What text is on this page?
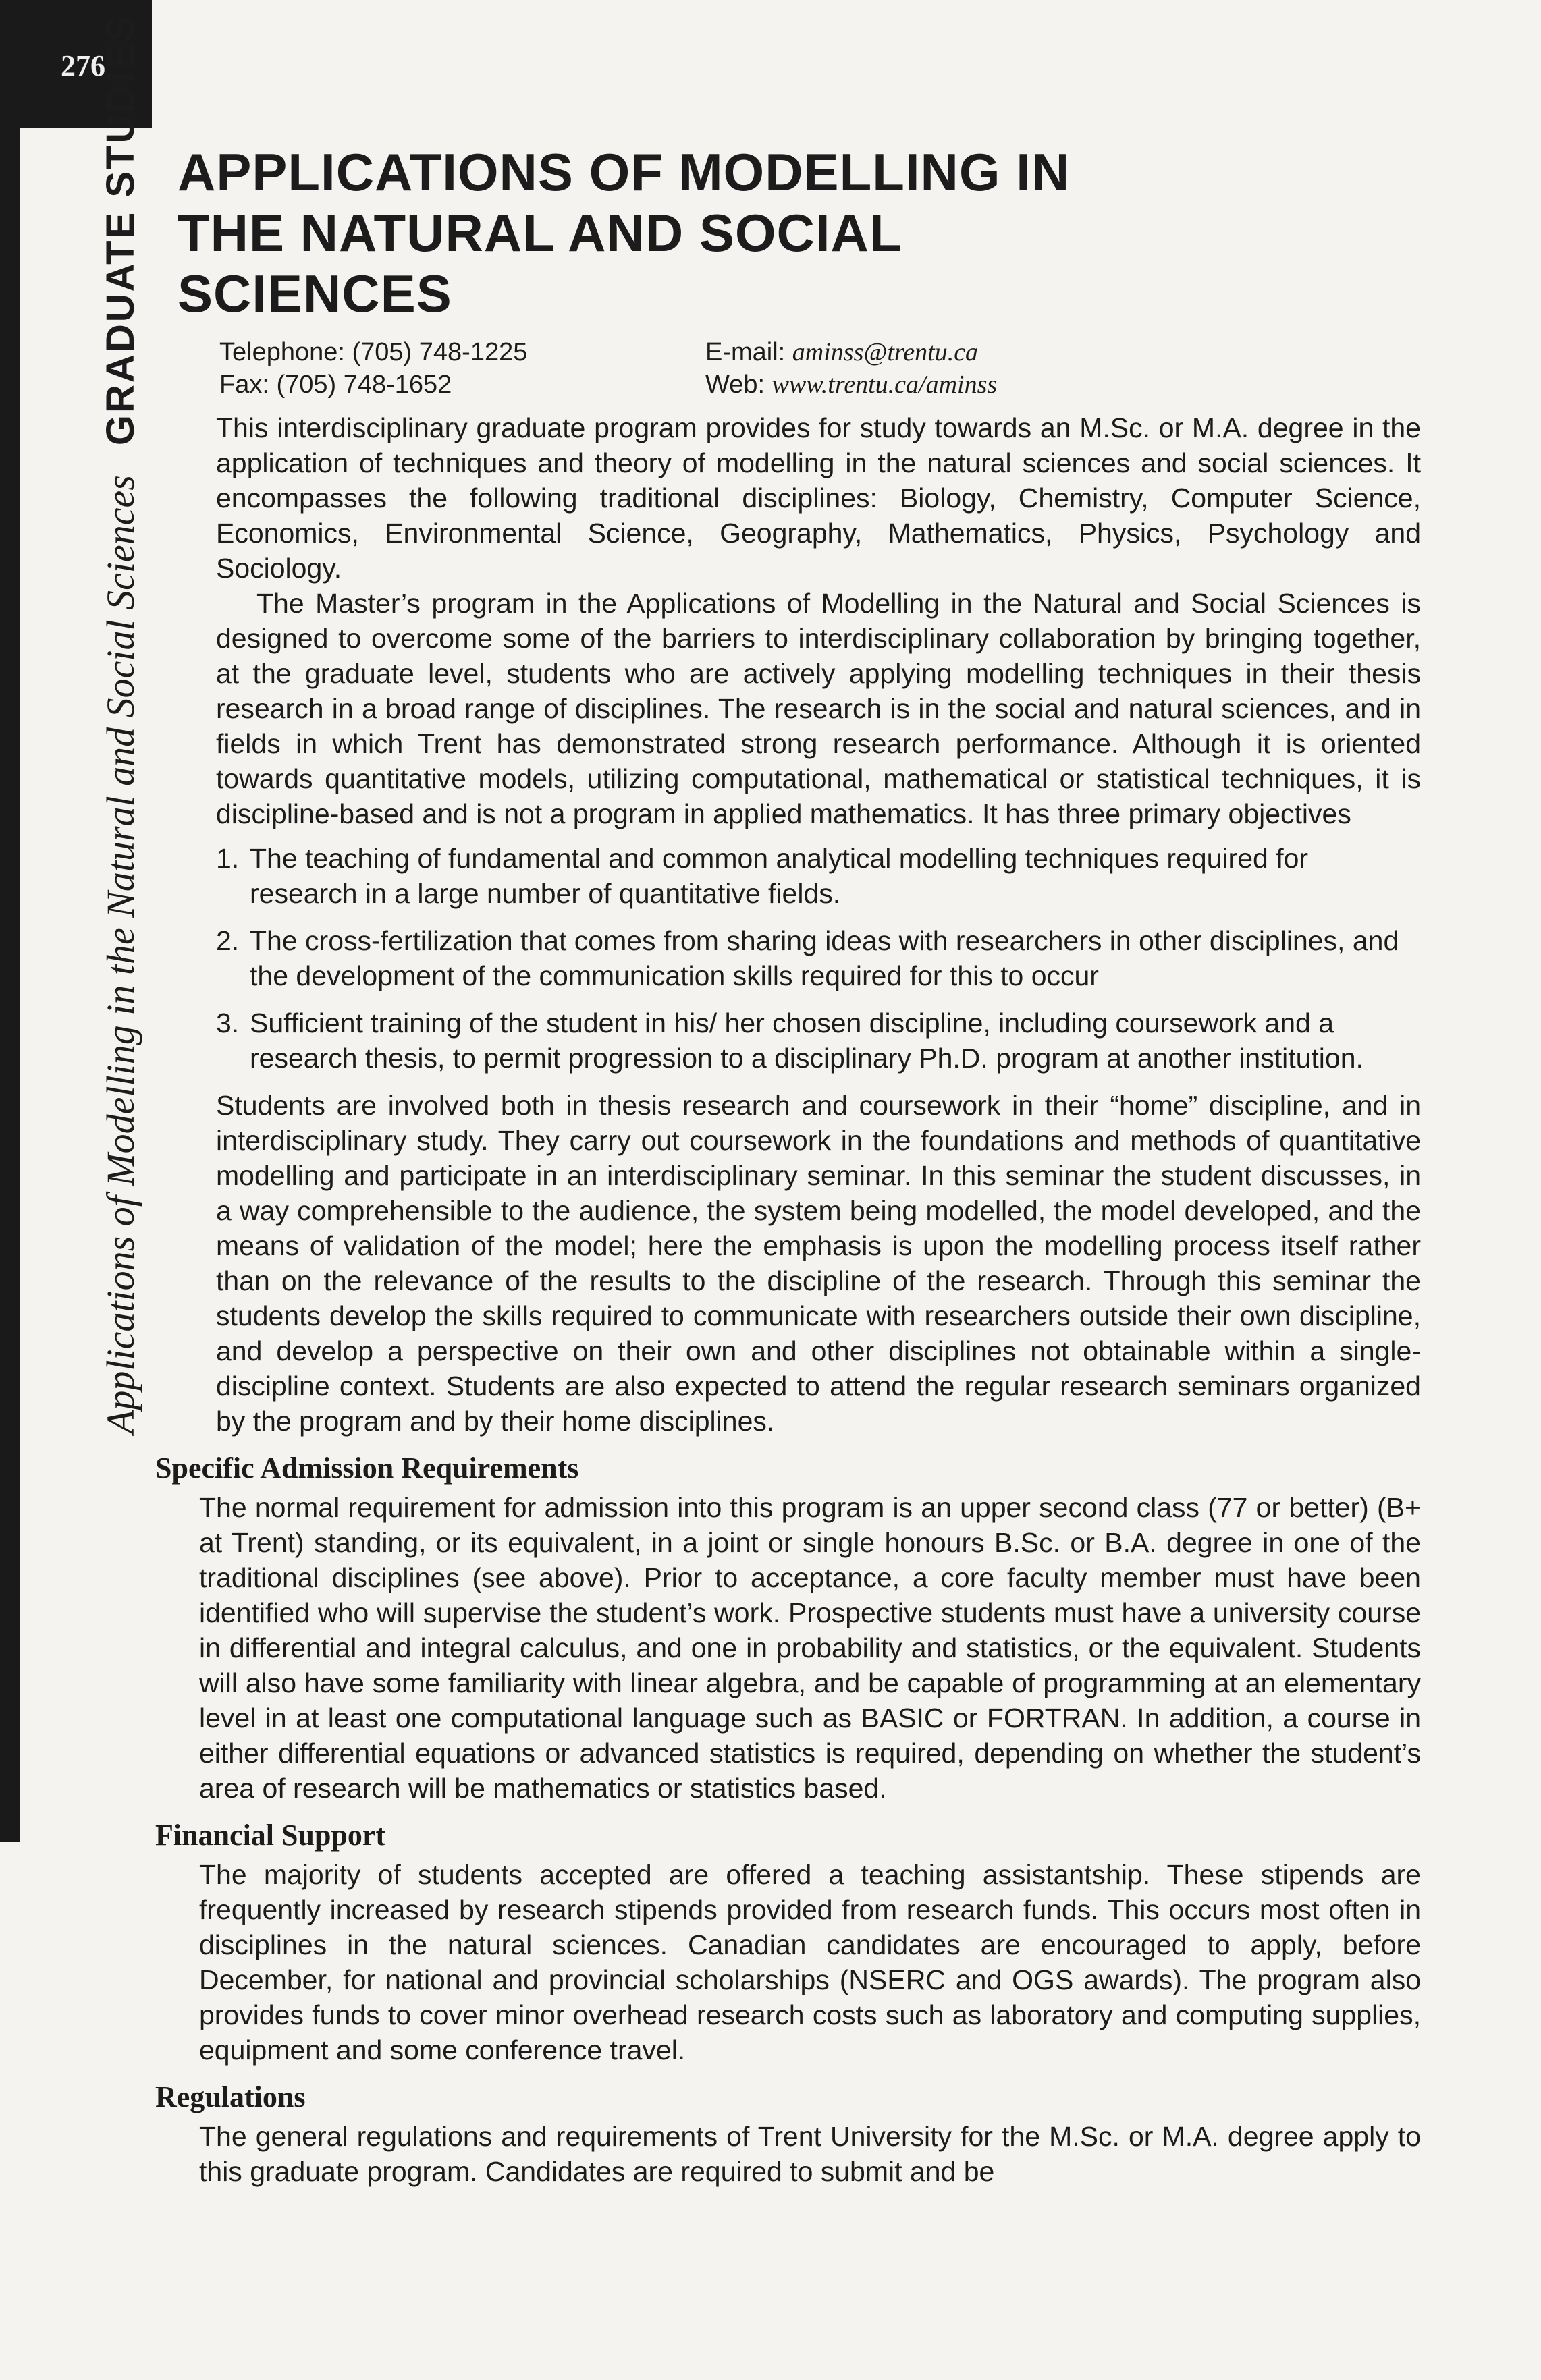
276
Applications of Modelling in the Natural and Social Sciences GRADUATE STUDIES APPLICATIONS OF MODELLING IN THE NATURAL AND SOCIAL SCIENCES
Telephone: (705) 748-1225	E-mail: aminss@trentu.ca
Fax: (705) 748-1652	Web: www.trentu.ca/aminss

This interdisciplinary graduate program provides for study towards an M.Sc. or M.A. degree in the application of techniques and theory of modelling in the natural sciences and social sciences. It encompasses the following traditional disciplines: Biology, Chemistry, Computer Science, Economics, Environmental Science, Geography, Mathematics, Physics, Psychology and Sociology.

The Master’s program in the Applications of Modelling in the Natural and Social Sciences is designed to overcome some of the barriers to interdisciplinary collaboration by bringing together, at the graduate level, students who are actively applying modelling techniques in their thesis research in a broad range of disciplines. The research is in the social and natural sciences, and in fields in which Trent has demonstrated strong research performance. Although it is oriented towards quantitative models, utilizing computational, mathematical or statistical techniques, it is discipline-based and is not a program in applied mathematics. It has three primary objectives

1. The teaching of fundamental and common analytical modelling techniques required for research in a large number of quantitative fields.
2. The cross-fertilization that comes from sharing ideas with researchers in other disciplines, and the development of the communication skills required for this to occur
3. Sufficient training of the student in his/ her chosen discipline, including coursework and a research thesis, to permit progression to a disciplinary Ph.D. program at another institution.

Students are involved both in thesis research and coursework in their “home” discipline, and in interdisciplinary study. They carry out coursework in the foundations and methods of quantitative modelling and participate in an interdisciplinary seminar. In this seminar the student discusses, in a way comprehensible to the audience, the system being modelled, the model developed, and the means of validation of the model; here the emphasis is upon the modelling process itself rather than on the relevance of the results to the discipline of the research. Through this seminar the students develop the skills required to communicate with researchers outside their own discipline, and develop a perspective on their own and other disciplines not obtainable within a single-discipline context. Students are also expected to attend the regular research seminars organized by the program and by their home disciplines.

Specific Admission Requirements

The normal requirement for admission into this program is an upper second class (77 or better) (B+ at Trent) standing, or its equivalent, in a joint or single honours B.Sc. or B.A. degree in one of the traditional disciplines (see above). Prior to acceptance, a core faculty member must have been identified who will supervise the student’s work. Prospective students must have a university course in differential and integral calculus, and one in probability and statistics, or the equivalent. Students will also have some familiarity with linear algebra, and be capable of programming at an elementary level in at least one computational language such as BASIC or FORTRAN. In addition, a course in either differential equations or advanced statistics is required, depending on whether the student’s area of research will be mathematics or statistics based.

Financial Support

The majority of students accepted are offered a teaching assistantship. These stipends are frequently increased by research stipends provided from research funds. This occurs most often in disciplines in the natural sciences. Canadian candidates are encouraged to apply, before December, for national and provincial scholarships (NSERC and OGS awards). The program also provides funds to cover minor overhead research costs such as laboratory and computing supplies, equipment and some conference travel.

Regulations

The general regulations and requirements of Trent University for the M.Sc. or M.A. degree apply to this graduate program. Candidates are required to submit and be
